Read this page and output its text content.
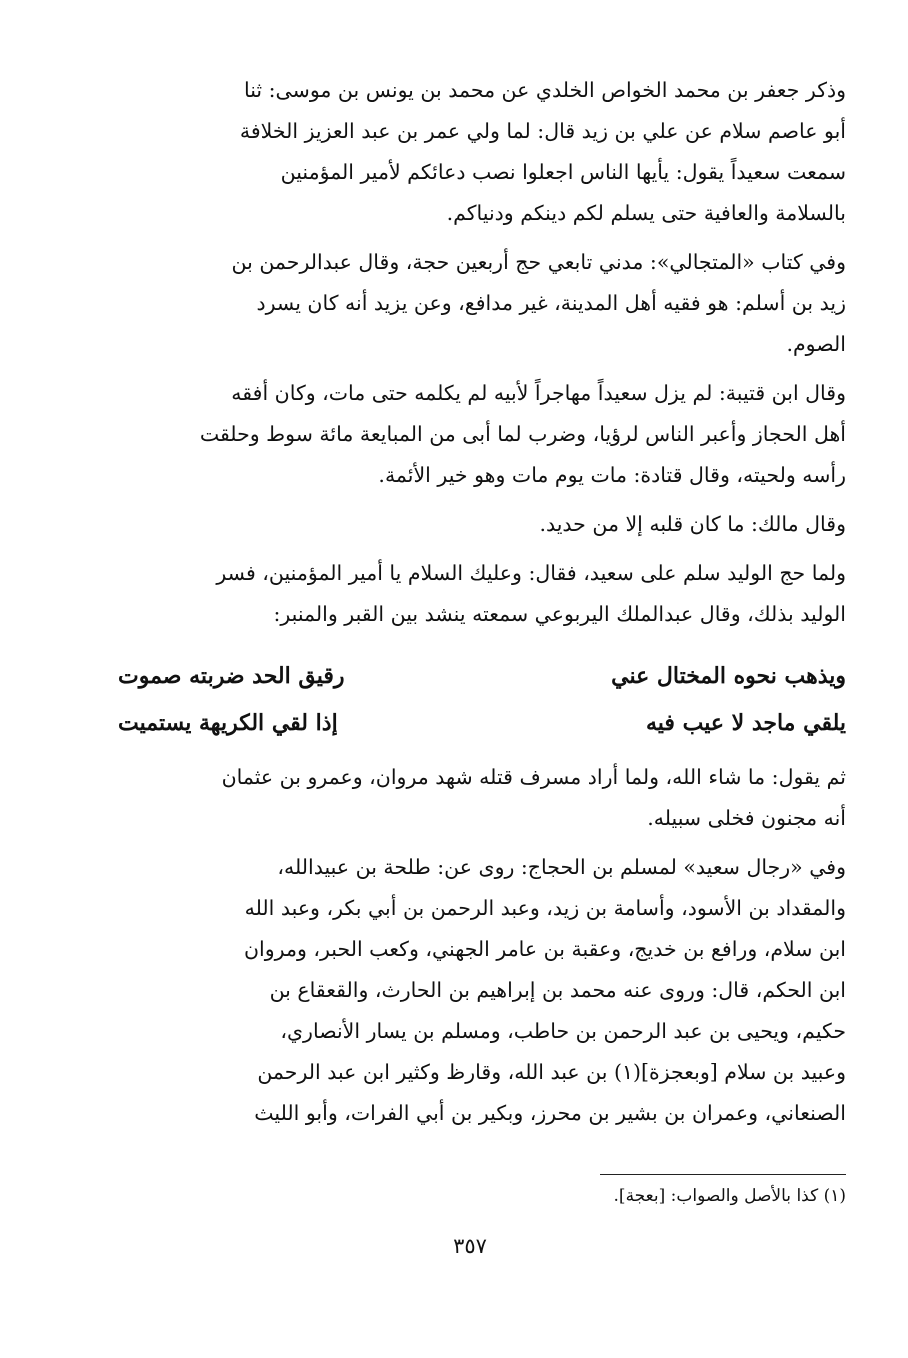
وذكر جعفر بن محمد الخواص الخلدي عن محمد بن يونس بن موسى: ثنا
أبو عاصم سلام عن علي بن زيد قال: لما ولي عمر بن عبد العزيز الخلافة
سمعت سعيداً يقول: يأيها الناس اجعلوا نصب دعائكم لأمير المؤمنين
بالسلامة والعافية حتى يسلم لكم دينكم ودنياكم.
وفي كتاب «المتجالي»: مدني تابعي حج أربعين حجة، وقال عبدالرحمن بن
زيد بن أسلم: هو فقيه أهل المدينة، غير مدافع، وعن يزيد أنه كان يسرد
الصوم.
وقال ابن قتيبة: لم يزل سعيداً مهاجراً لأبيه لم يكلمه حتى مات، وكان أفقه
أهل الحجاز وأعبر الناس لرؤيا، وضرب لما أبى من المبايعة مائة سوط وحلقت
رأسه ولحيته، وقال قتادة: مات يوم مات وهو خير الأئمة.
وقال مالك: ما كان قلبه إلا من حديد.
ولما حج الوليد سلم على سعيد، فقال: وعليك السلام يا أمير المؤمنين، فسر
الوليد بذلك، وقال عبدالملك اليربوعي سمعته ينشد بين القبر والمنبر:
ويذهب نحوه المختال عني
رقيق الحد ضربته صموت
يلقي ماجد لا عيب فيه
إذا لقي الكريهة يستميت
ثم يقول: ما شاء الله، ولما أراد مسرف قتله شهد مروان، وعمرو بن عثمان
أنه مجنون فخلى سبيله.
وفي «رجال سعيد» لمسلم بن الحجاج: روى عن: طلحة بن عبيدالله،
والمقداد بن الأسود، وأسامة بن زيد، وعبد الرحمن بن أبي بكر، وعبد الله
ابن سلام، ورافع بن خديج، وعقبة بن عامر الجهني، وكعب الحبر، ومروان
ابن الحكم، قال: وروى عنه محمد بن إبراهيم بن الحارث، والقعقاع بن
حكيم، ويحيى بن عبد الرحمن بن حاطب، ومسلم بن يسار الأنصاري،
وعبيد بن سلام [وبعجزة](١) بن عبد الله، وقارظ وكثير ابن عبد الرحمن
الصنعاني، وعمران بن بشير بن محرز، وبكير بن أبي الفرات، وأبو الليث
(١) كذا بالأصل والصواب: [بعجة].
٣٥٧
